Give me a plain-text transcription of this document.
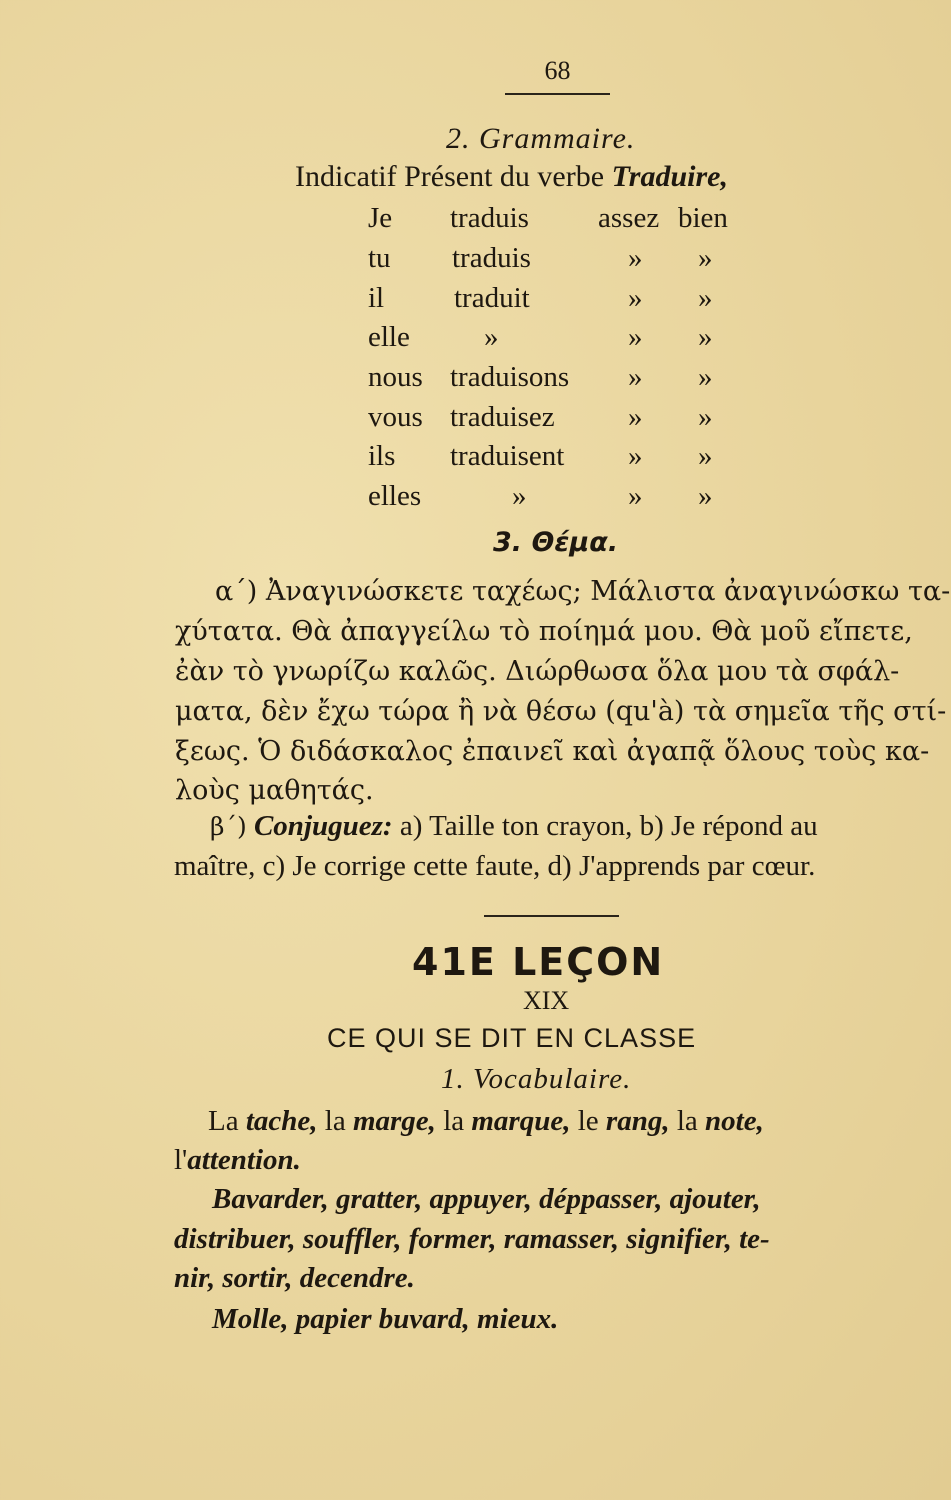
68
2. Grammaire.
Indicatif Présent du verbe Traduire,
Je traduis assez bien
tu traduis	» »
il traduit	» »
elle	»	» »
nous traduisons » »
vous traduisez	» »
ils traduisent » »
elles	»	» »
3. Θέμα.
α΄) Ἀναγινώσκετε ταχέως; Μάλιστα ἀναγινώσκω τα-
χύτατα. Θὰ ἀπαγγείλω τὸ ποίημά μου. Θὰ μοῦ εἴπετε,
ἐὰν τὸ γνωρίζω καλῶς. Διώρθωσα ὅλα μου τὰ σφάλ-
ματα, δὲν ἔχω τώρα ἢ νὰ θέσω (qu'à) τὰ σημεῖα τῆς στί-
ξεως. Ὁ διδάσκαλος ἐπαινεῖ καὶ ἀγαπᾷ ὅλους τοὺς κα-
λοὺς μαθητάς.
β΄) Conjuguez: a) Taille ton crayon, b) Je répond au
maître, c) Je corrige cette faute, d) J'apprends par cœur.
41E LEÇON
XIX
CE QUI SE DIT EN CLASSE
1. Vocabulaire.
La tache, la marge, la marque, le rang, la note,
l'attention.
Bavarder, gratter, appuyer, déppasser, ajouter,
distribuer, souffler, former, ramasser, signifier, te-
nir, sortir, decendre.
Molle, papier buvard, mieux.
